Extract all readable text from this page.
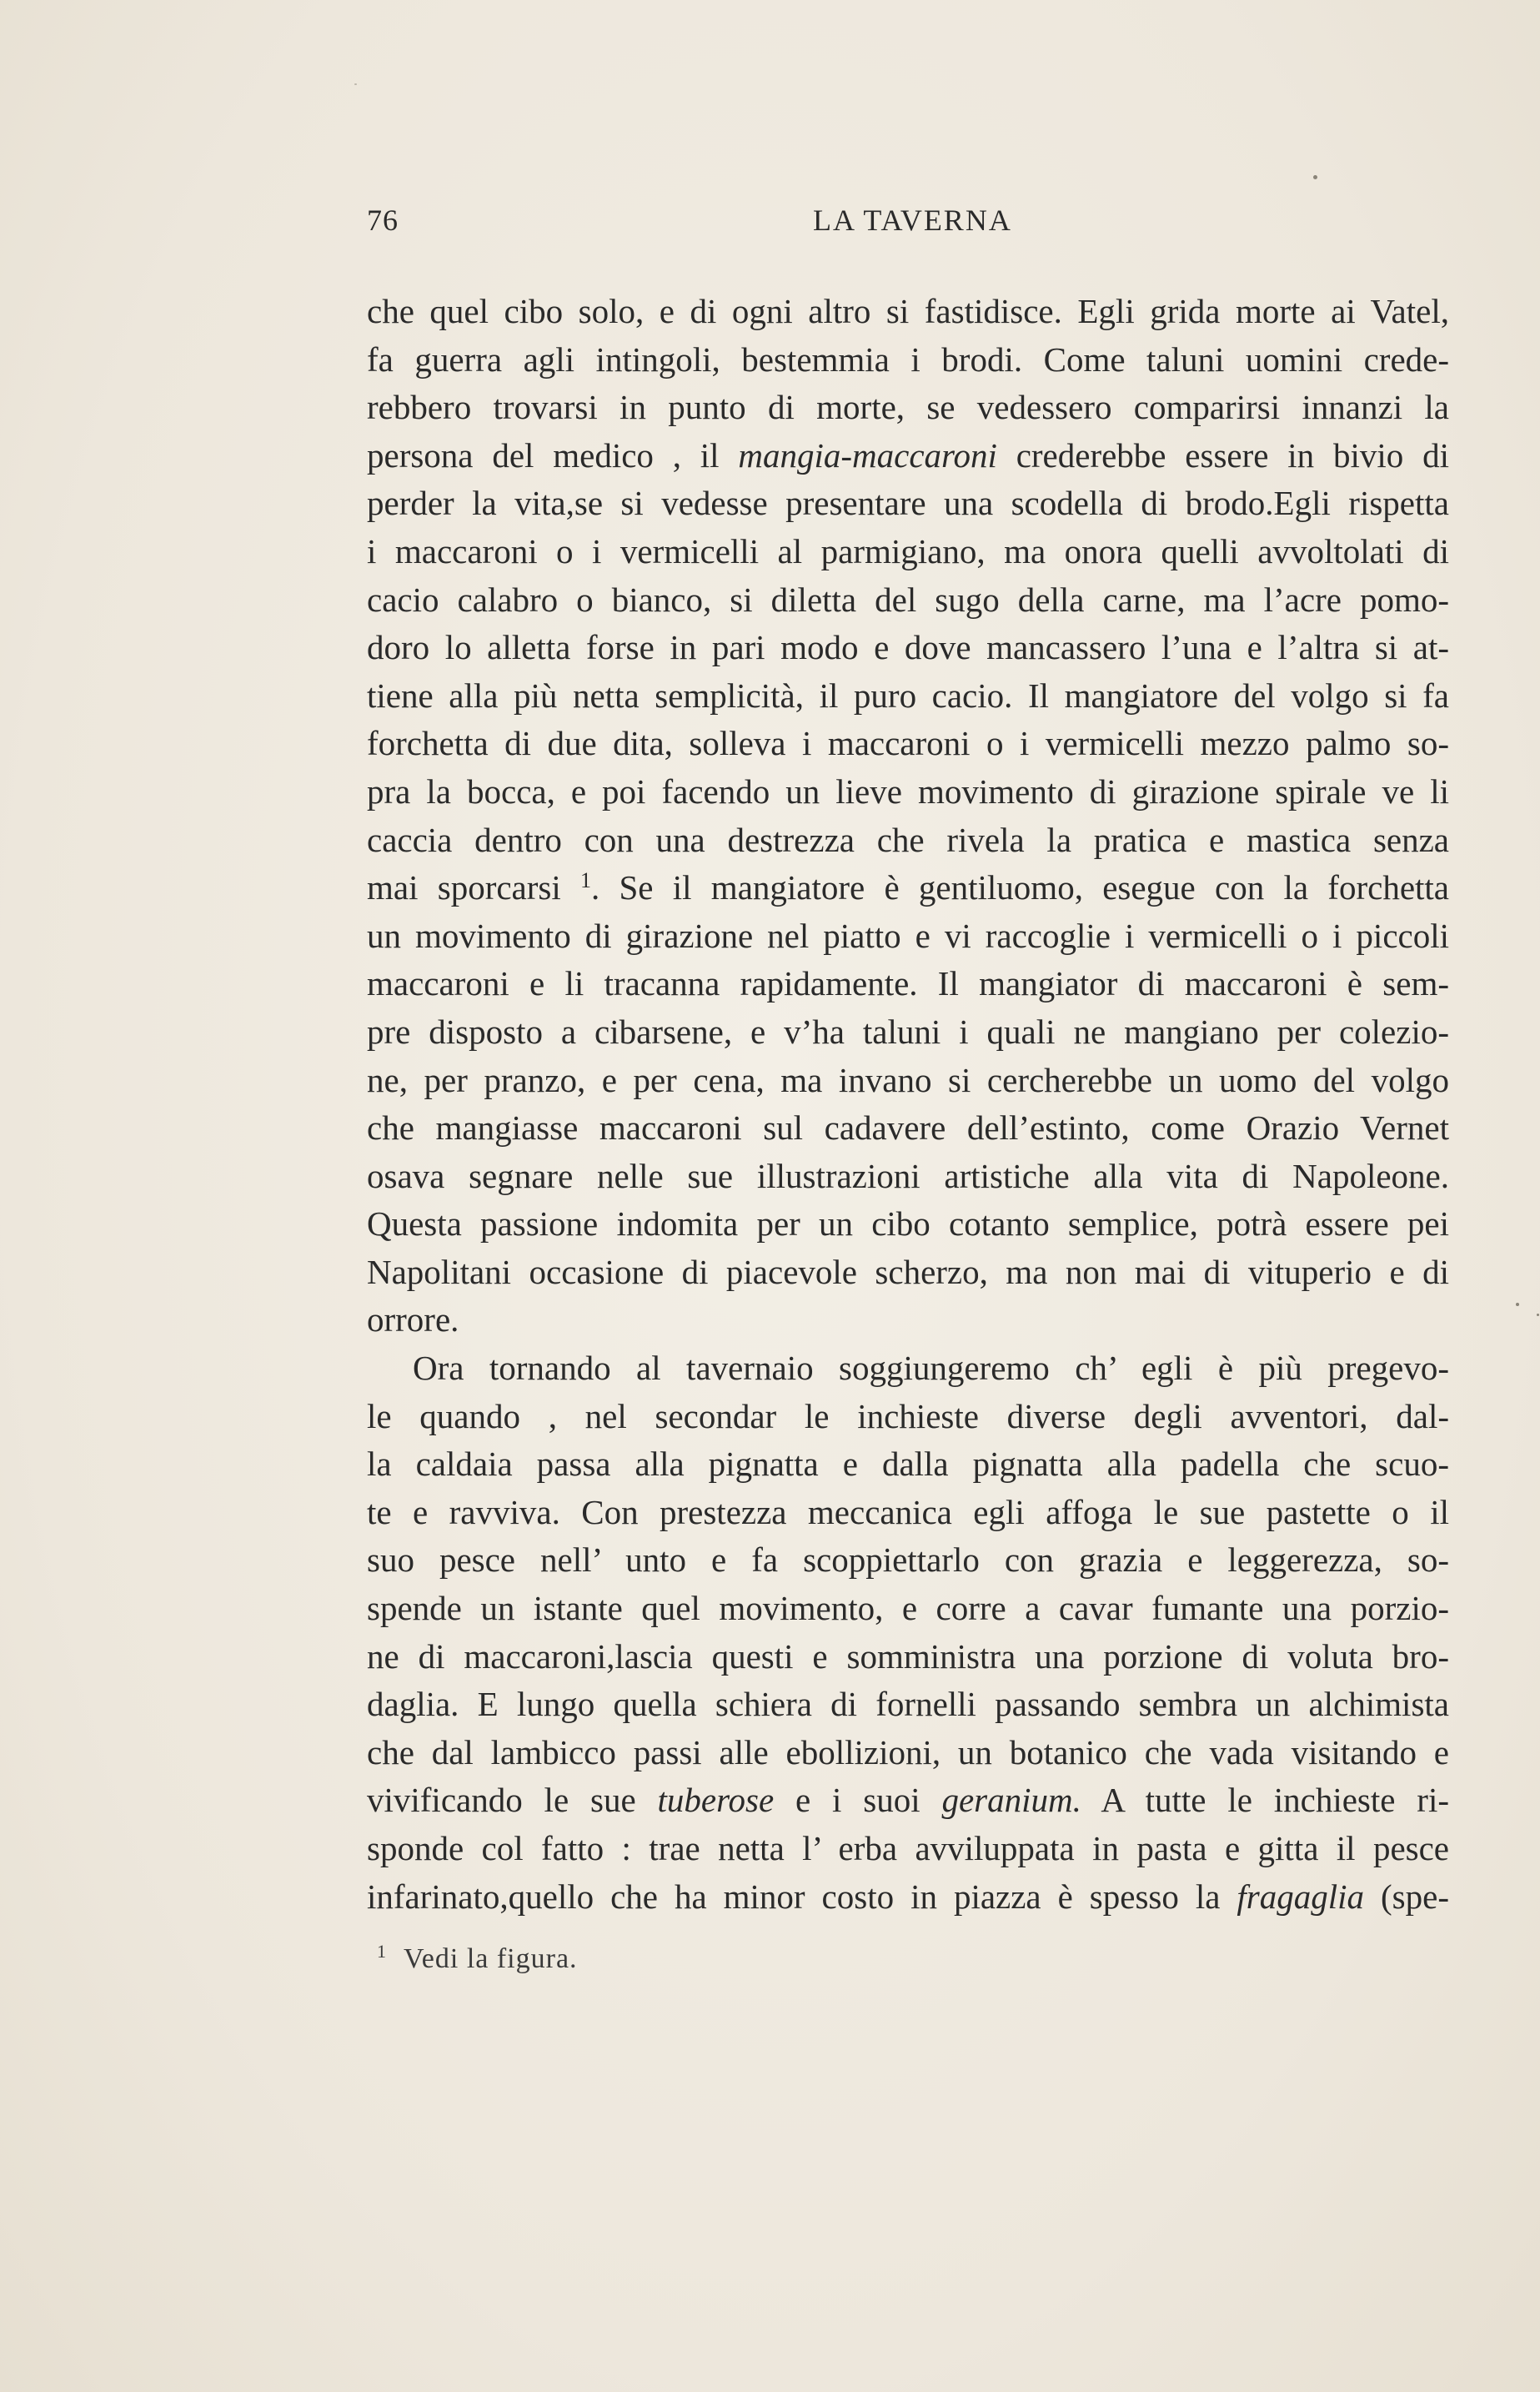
76	LA TAVERNA
che quel cibo solo, e di ogni altro si fastidisce. Egli grida morte ai Vatel,
fa guerra agli intingoli, bestemmia i brodi. Come taluni uomini crede-
rebbero trovarsi in punto di morte, se vedessero comparirsi innanzi la
persona del medico , il mangia-maccaroni crederebbe essere in bivio di
perder la vita,se si vedesse presentare una scodella di brodo.Egli rispetta
i maccaroni o i vermicelli al parmigiano, ma onora quelli avvoltolati di
cacio calabro o bianco, si diletta del sugo della carne, ma l’acre pomo-
doro lo alletta forse in pari modo e dove mancassero l’una e l’altra si at-
tiene alla più netta semplicità, il puro cacio. Il mangiatore del volgo si fa
forchetta di due dita, solleva i maccaroni o i vermicelli mezzo palmo so-
pra la bocca, e poi facendo un lieve movimento di girazione spirale ve li
caccia dentro con una destrezza che rivela la pratica e mastica senza
mai sporcarsi $^1$. Se il mangiatore è gentiluomo, esegue con la forchetta
un movimento di girazione nel piatto e vi raccoglie i vermicelli o i piccoli
maccaroni e li tracanna rapidamente. Il mangiator di maccaroni è sem-
pre disposto a cibarsene, e v’ha taluni i quali ne mangiano per colezio-
ne, per pranzo, e per cena, ma invano si cercherebbe un uomo del volgo
che mangiasse maccaroni sul cadavere dell’estinto, come Orazio Vernet
osava segnare nelle sue illustrazioni artistiche alla vita di Napoleone.
Questa passione indomita per un cibo cotanto semplice, potrà essere pei
Napolitani occasione di piacevole scherzo, ma non mai di vituperio e di
orrore.
Ora tornando al tavernaio soggiungeremo ch’ egli è più pregevo-
le quando , nel secondar le inchieste diverse degli avventori, dal-
la caldaia passa alla pignatta e dalla pignatta alla padella che scuo-
te e ravviva. Con prestezza meccanica egli affoga le sue pastette o il
suo pesce nell’ unto e fa scoppiettarlo con grazia e leggerezza, so-
spende un istante quel movimento, e corre a cavar fumante una porzio-
ne di maccaroni,lascia questi e somministra una porzione di voluta bro-
daglia. E lungo quella schiera di fornelli passando sembra un alchimista
che dal lambicco passi alle ebollizioni, un botanico che vada visitando e
vivificando le sue tuberose e i suoi geranium. A tutte le inchieste ri-
sponde col fatto : trae netta l’ erba avviluppata in pasta e gitta il pesce
infarinato,quello che ha minor costo in piazza è spesso la fragaglia (spe-
$^1$ Vedi la figura.
